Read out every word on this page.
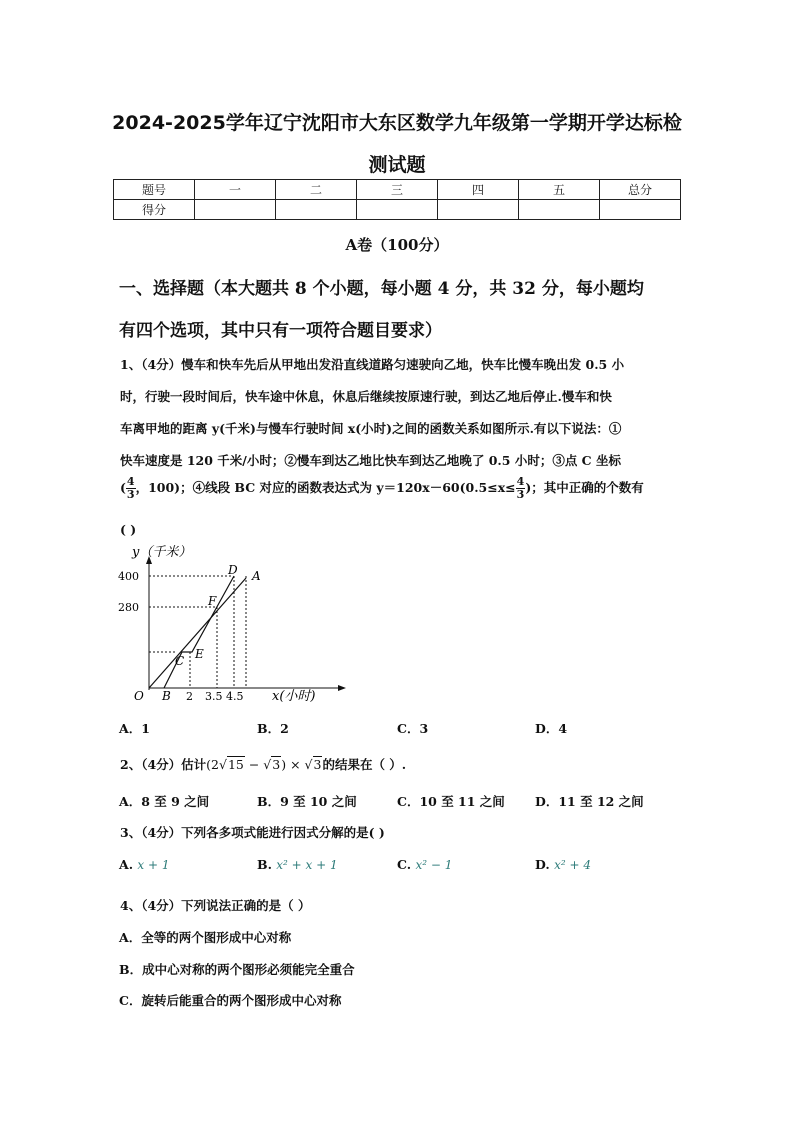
2024-2025学年辽宁沈阳市大东区数学九年级第一学期开学达标检
测试题
题号	一	二	三	四	五	总分
得分						
A卷（100分）
一、选择题（本大题共 8 个小题，每小题 4 分，共 32 分，每小题均
有四个选项，其中只有一项符合题目要求）
1、（4分）慢车和快车先后从甲地出发沿直线道路匀速驶向乙地，快车比慢车晚出发 0.5 小
时，行驶一段时间后，快车途中休息，休息后继续按原速行驶，到达乙地后停止.慢车和快
车离甲地的距离 y(千米)与慢车行驶时间 x(小时)之间的函数关系如图所示.有以下说法：①
快车速度是 120 千米/小时；②慢车到达乙地比快车到达乙地晚了 0.5 小时；③点 C 坐标
( $\frac{4}{3}$ ，100)；④线段 BC 对应的函数表达式为 $y=120x-60(0.5\le x\le \frac{4}{3}$ )；其中正确的个数有
( )
y（千米）
400
280
2 3.5 4.5 x(小时)
O B
C E
F
D A
A．1	B．2	C．3	D．4
2、（4分）估计(2√15 − √3) × √3的结果在（ ）.
A．8 至 9 之间	B．9 至 10 之间	C．10 至 11 之间 D．11 至 12 之间
3、（4分）下列各多项式能进行因式分解的是( )
A. x + 1	B. x² + x + 1	C. x² − 1	D. x² + 4
4、（4分）下列说法正确的是（ ）
A．全等的两个图形成中心对称
B．成中心对称的两个图形必须能完全重合
C．旋转后能重合的两个图形成中心对称
